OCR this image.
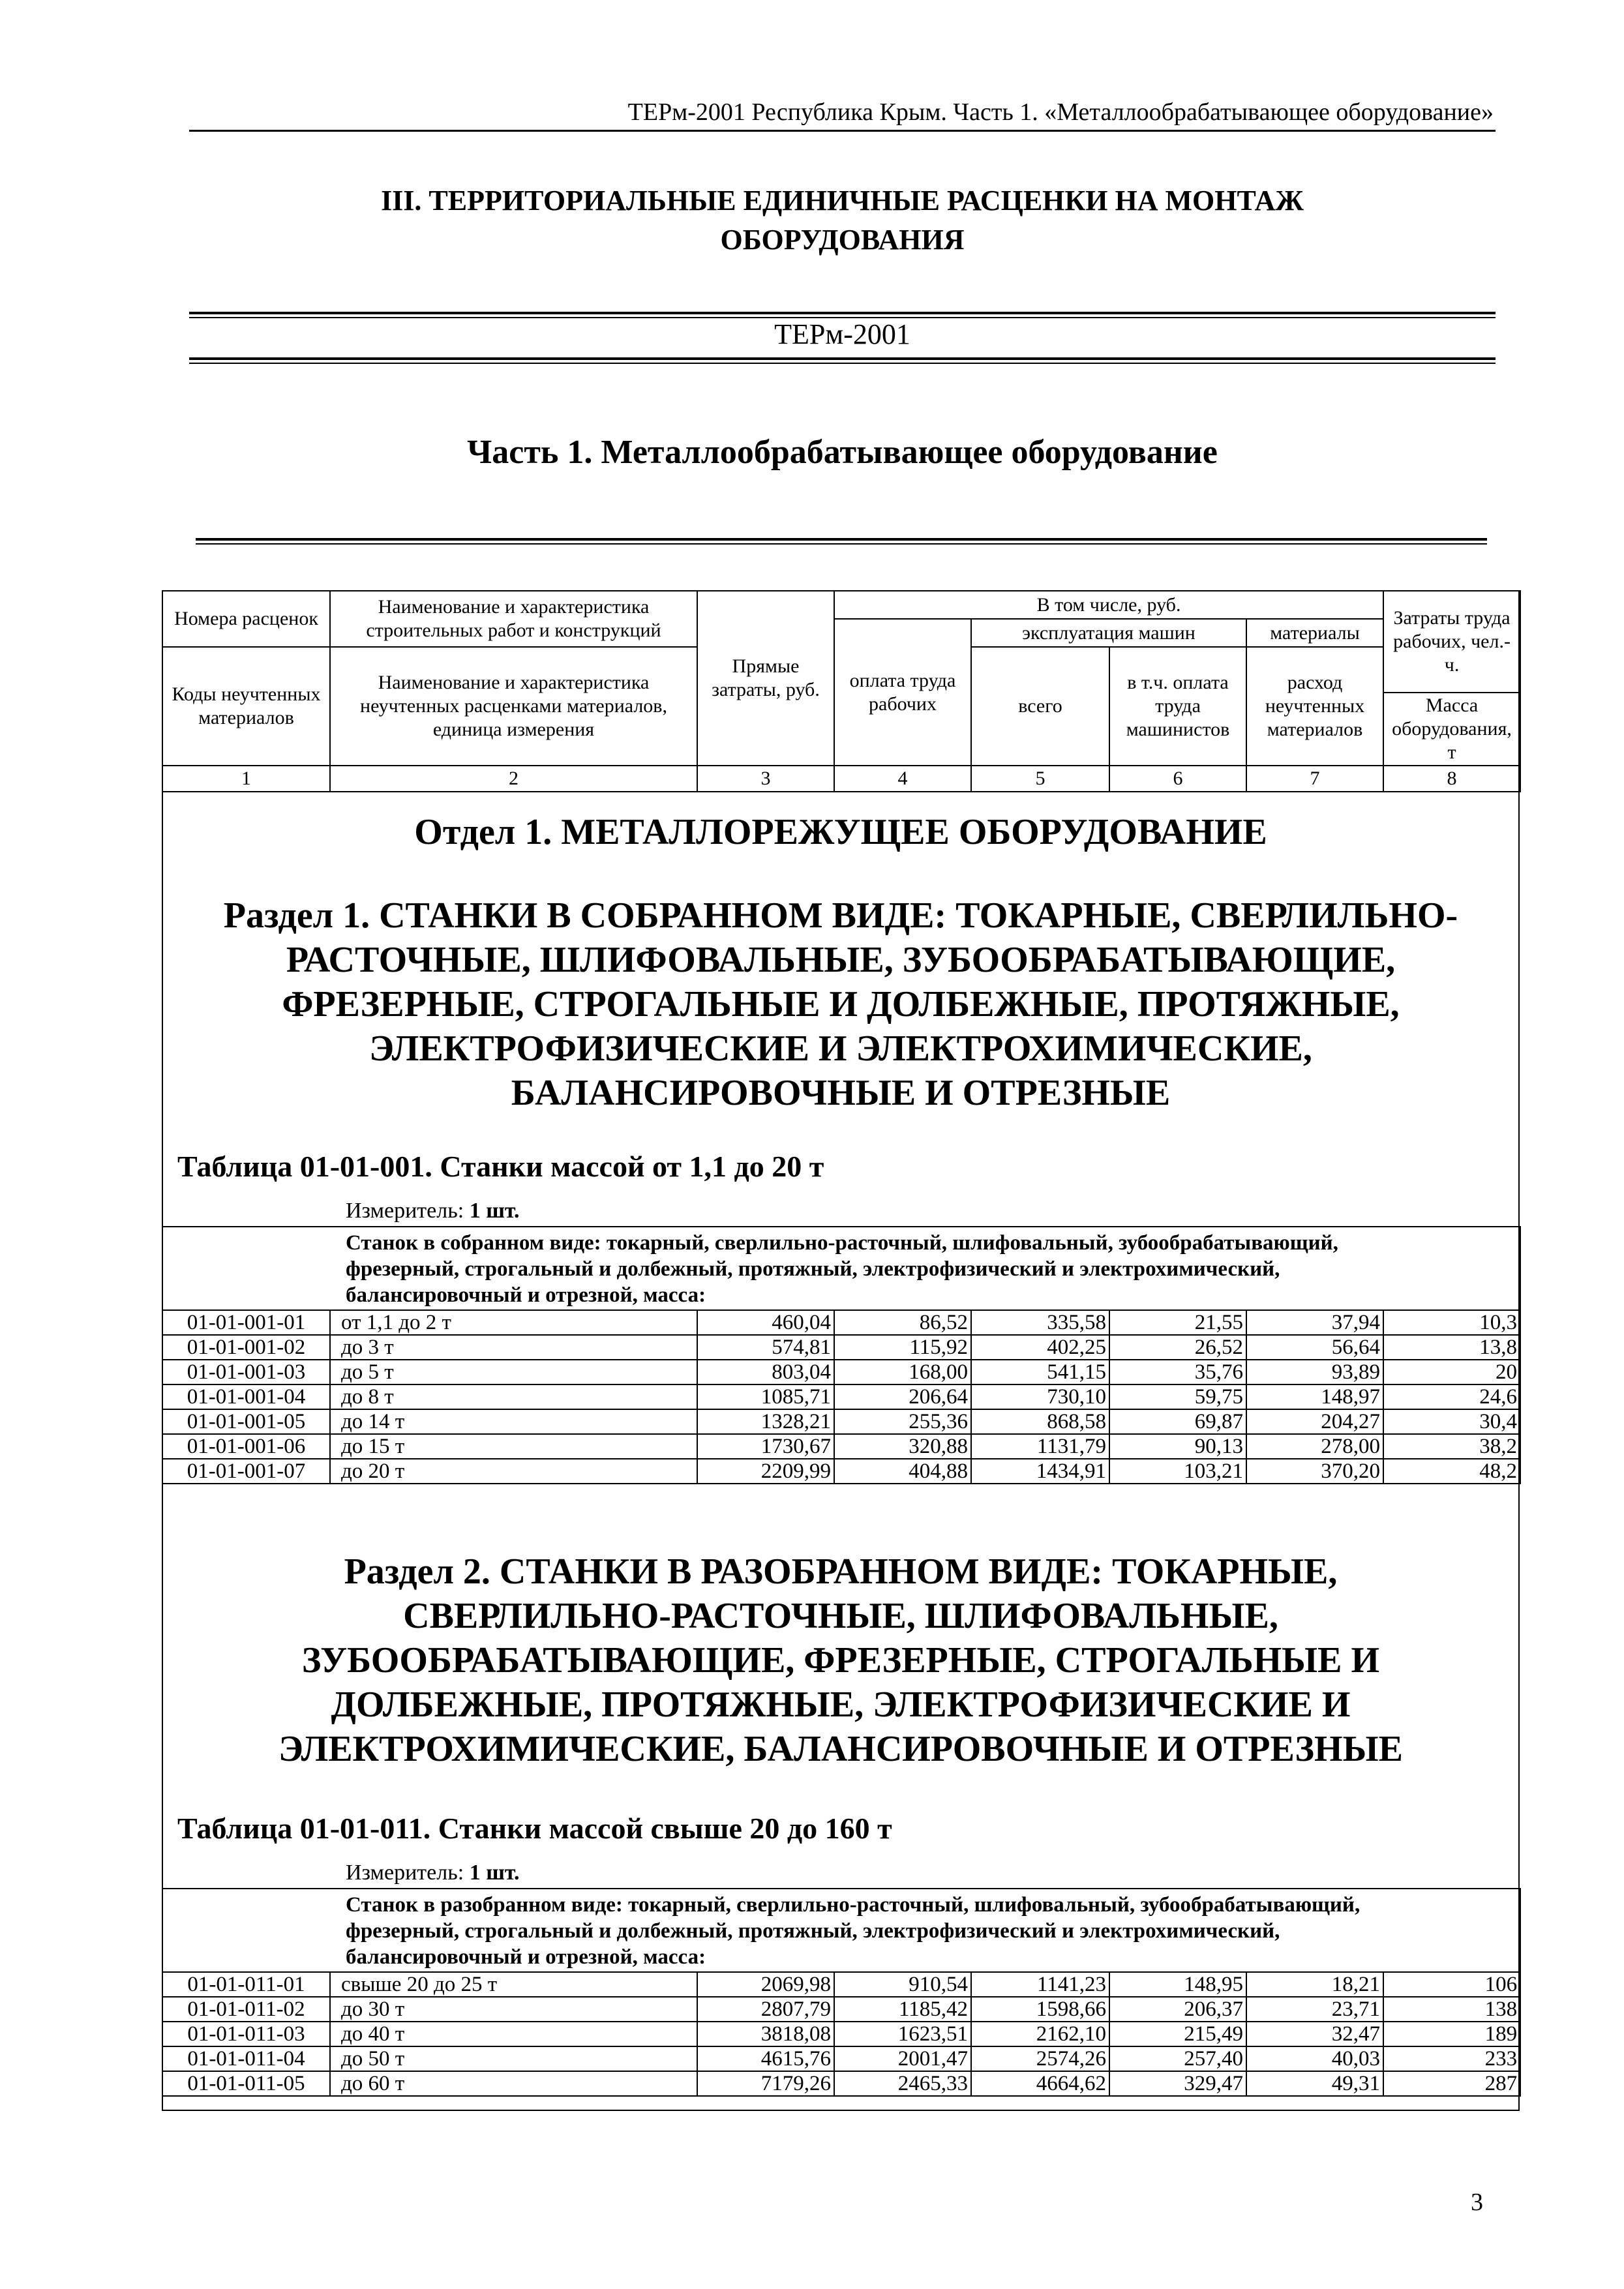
ТЕРм-2001 Республика Крым. Часть 1. «Металлообрабатывающее оборудование»
III. ТЕРРИТОРИАЛЬНЫЕ ЕДИНИЧНЫЕ РАСЦЕНКИ НА МОНТАЖ
ОБОРУДОВАНИЯ
ТЕРм-2001
Часть 1. Металлообрабатывающее оборудование
Номера расценок	Наименование и характеристика строительных работ и конструкций	Прямые затраты, руб.	В том числе, руб.				Затраты труда рабочих, чел.-ч.
			оплата труда рабочих	эксплуатация машин		материалы	
Коды неучтенных материалов	Наименование и характеристика неучтенных расценками материалов, единица измерения			всего	в т.ч. оплата труда машинистов	расход неучтенных материалов	
							Масса оборудования, т
1	2	3	4	5	6	7	8
Отдел 1. МЕТАЛЛОРЕЖУЩЕЕ ОБОРУДОВАНИЕ
Раздел 1. СТАНКИ В СОБРАННОМ ВИДЕ: ТОКАРНЫЕ, СВЕРЛИЛЬНО-
РАСТОЧНЫЕ, ШЛИФОВАЛЬНЫЕ, ЗУБООБРАБАТЫВАЮЩИЕ,
ФРЕЗЕРНЫЕ, СТРОГАЛЬНЫЕ И ДОЛБЕЖНЫЕ, ПРОТЯЖНЫЕ,
ЭЛЕКТРОФИЗИЧЕСКИЕ И ЭЛЕКТРОХИМИЧЕСКИЕ,
БАЛАНСИРОВОЧНЫЕ И ОТРЕЗНЫЕ
Таблица 01-01-001. Станки массой от 1,1 до 20 т
Измеритель: 1 шт.
Станок в собранном виде: токарный, сверлильно-расточный, шлифовальный, зубообрабатывающий,
фрезерный, строгальный и долбежный, протяжный, электрофизический и электрохимический,
балансировочный и отрезной, масса:							

01-01-001-01	от 1,1 до 2 т	460,04	86,52	335,58	21,55	37,94	10,3
01-01-001-02	до 3 т	574,81	115,92	402,25	26,52	56,64	13,8
01-01-001-03	до 5 т	803,04	168,00	541,15	35,76	93,89	20
01-01-001-04	до 8 т	1085,71	206,64	730,10	59,75	148,97	24,6
01-01-001-05	до 14 т	1328,21	255,36	868,58	69,87	204,27	30,4
01-01-001-06	до 15 т	1730,67	320,88	1131,79	90,13	278,00	38,2
01-01-001-07	до 20 т	2209,99	404,88	1434,91	103,21	370,20	48,2
Раздел 2. СТАНКИ В РАЗОБРАННОМ ВИДЕ: ТОКАРНЫЕ,
СВЕРЛИЛЬНО-РАСТОЧНЫЕ, ШЛИФОВАЛЬНЫЕ,
ЗУБООБРАБАТЫВАЮЩИЕ, ФРЕЗЕРНЫЕ, СТРОГАЛЬНЫЕ И
ДОЛБЕЖНЫЕ, ПРОТЯЖНЫЕ, ЭЛЕКТРОФИЗИЧЕСКИЕ И
ЭЛЕКТРОХИМИЧЕСКИЕ, БАЛАНСИРОВОЧНЫЕ И ОТРЕЗНЫЕ
Таблица 01-01-011. Станки массой свыше 20 до 160 т
Измеритель: 1 шт.
Станок в разобранном виде: токарный, сверлильно-расточный, шлифовальный, зубообрабатывающий,
фрезерный, строгальный и долбежный, протяжный, электрофизический и электрохимический,
балансировочный и отрезной, масса:							

01-01-011-01	свыше 20 до 25 т	2069,98	910,54	1141,23	148,95	18,21	106
01-01-011-02	до 30 т	2807,79	1185,42	1598,66	206,37	23,71	138
01-01-011-03	до 40 т	3818,08	1623,51	2162,10	215,49	32,47	189
01-01-011-04	до 50 т	4615,76	2001,47	2574,26	257,40	40,03	233
01-01-011-05	до 60 т	7179,26	2465,33	4664,62	329,47	49,31	287
3
